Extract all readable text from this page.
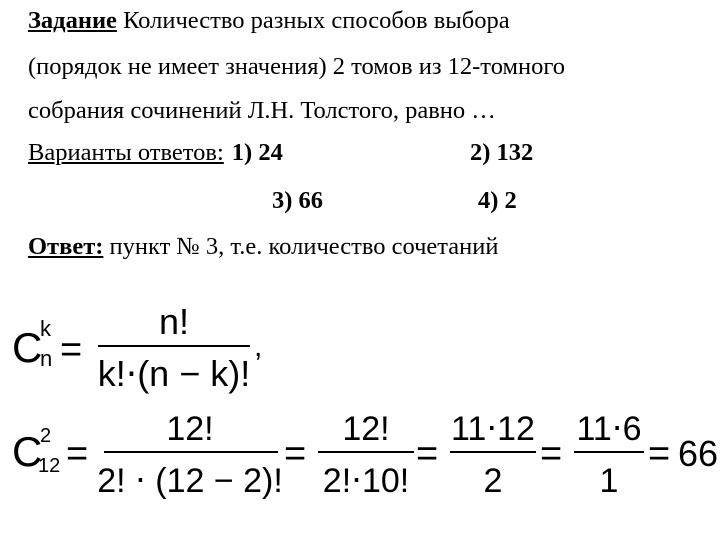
Задание Количество разных способов выбора

(порядок не имеет значения) 2 томов из 12-томного

собрания сочинений Л.Н. Толстого, равно …

Варианты ответов: 1) 24	2) 132

3) 66	4) 2

Ответ: пункт № 3, т.е. количество сочетаний

C
k
n =
n!
k!⋅(n − k)!
,
C
2
12 =
12!
2! ⋅ (12 − 2)!
=
12!
2!⋅10!
=
11⋅12
2
=
11⋅6
1
= 66
